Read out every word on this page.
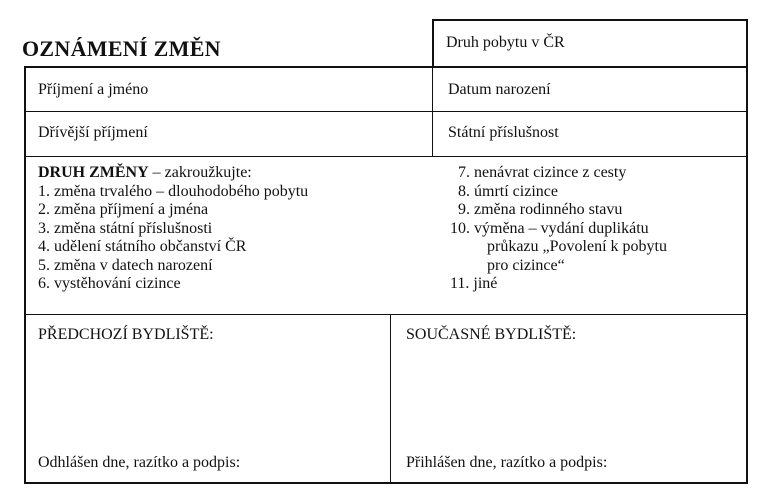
OZNÁMENÍ ZMĚN	Druh pobytu v ČR
Příjmení a jméno	Datum narození
Dřívější příjmení	Státní příslušnost
DRUH ZMĚNY – zakroužkujte:
1. změna trvalého – dlouhodobého pobytu
2. změna příjmení a jména
3. změna státní příslušnosti
4. udělení státního občanství ČR
5. změna v datech narození
6. vystěhování cizince
7. nenávrat cizince z cesty
8. úmrtí cizince
9. změna rodinného stavu
10. výměna – vydání duplikátu
průkazu „Povolení k pobytu
pro cizince“
11. jiné
PŘEDCHOZÍ BYDLIŠTĚ:	SOUČASNÉ BYDLIŠTĚ:
Odhlášen dne, razítko a podpis:	Přihlášen dne, razítko a podpis:
